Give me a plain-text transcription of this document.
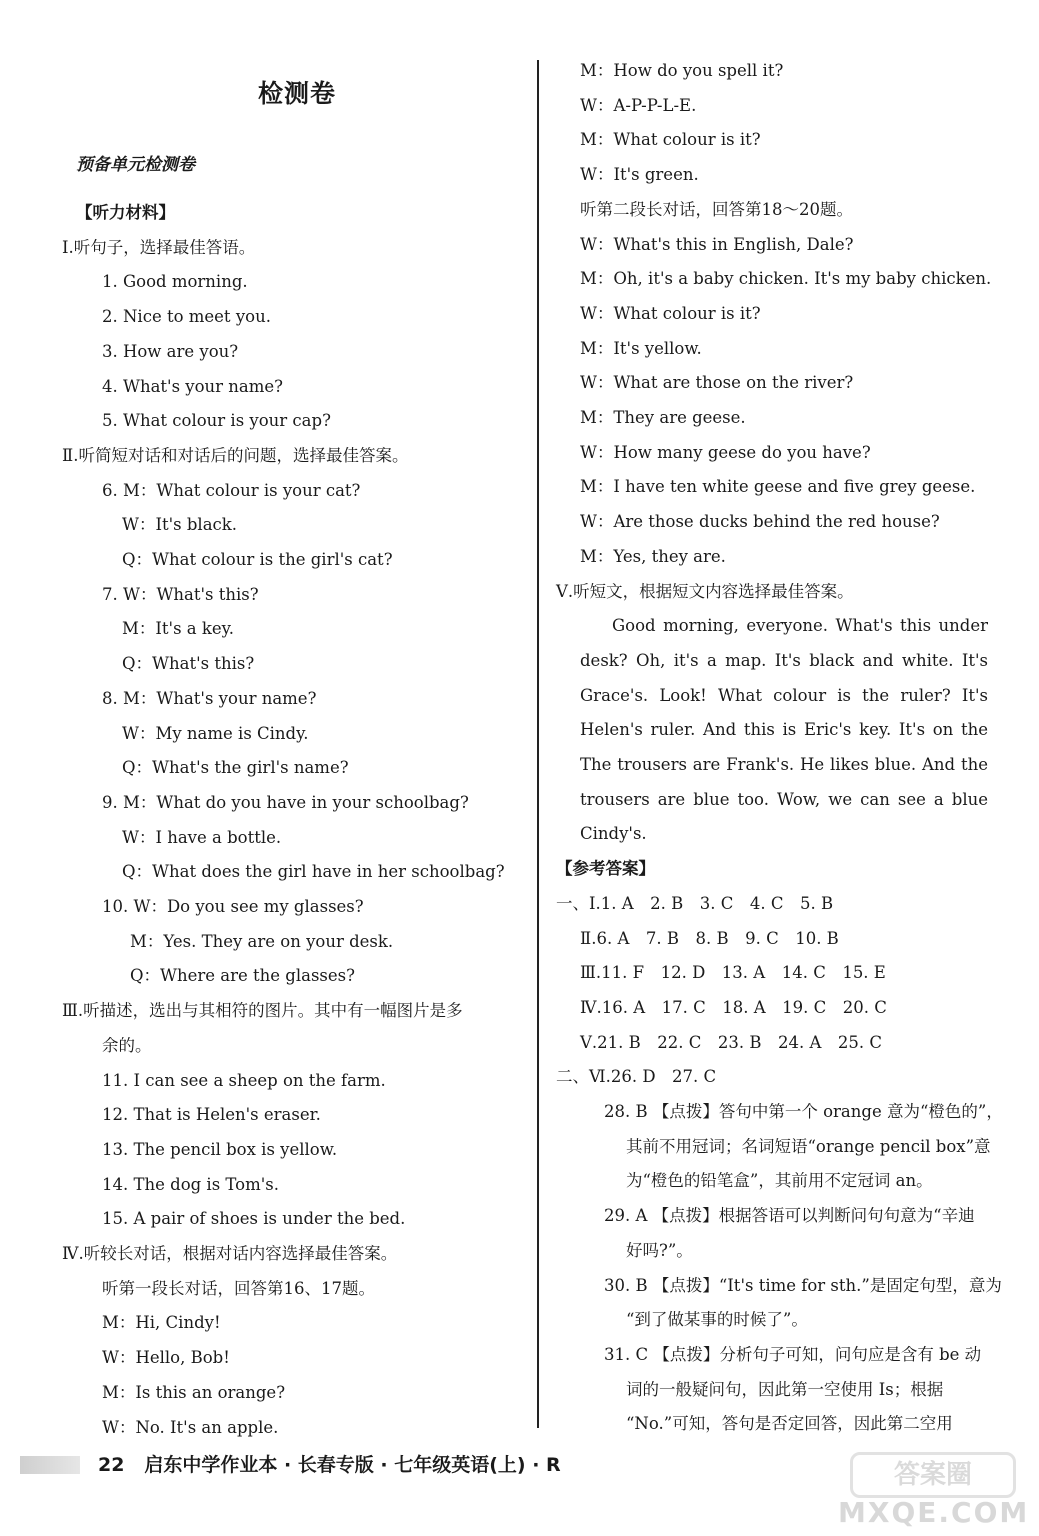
检测卷
预备单元检测卷
【听力材料】
Ⅰ.听句子，选择最佳答语。
1. Good morning.
2. Nice to meet you.
3. How are you?
4. What's your name?
5. What colour is your cap?
Ⅱ.听简短对话和对话后的问题，选择最佳答案。
6. M：What colour is your cat?
W：It's black.
Q：What colour is the girl's cat?
7. W：What's this?
M：It's a key.
Q：What's this?
8. M：What's your name?
W：My name is Cindy.
Q：What's the girl's name?
9. M：What do you have in your schoolbag?
W：I have a bottle.
Q：What does the girl have in her schoolbag?
10. W：Do you see my glasses?
M：Yes. They are on your desk.
Q：Where are the glasses?
Ⅲ.听描述，选出与其相符的图片。其中有一幅图片是多
余的。
11. I can see a sheep on the farm.
12. That is Helen's eraser.
13. The pencil box is yellow.
14. The dog is Tom's.
15. A pair of shoes is under the bed.
Ⅳ.听较长对话，根据对话内容选择最佳答案。
听第一段长对话，回答第16、17题。
M：Hi, Cindy!
W：Hello, Bob!
M：Is this an orange?
W：No. It's an apple.
M：How do you spell it?
W：A-P-P-L-E.
M：What colour is it?
W：It's green.
听第二段长对话，回答第18～20题。
W：What's this in English, Dale?
M：Oh, it's a baby chicken. It's my baby chicken.
W：What colour is it?
M：It's yellow.
W：What are those on the river?
M：They are geese.
W：How many geese do you have?
M：I have ten white geese and five grey geese.
W：Are those ducks behind the red house?
M：Yes, they are.
Ⅴ.听短文，根据短文内容选择最佳答案。
Good morning, everyone. What's this under
desk? Oh, it's a map. It's black and white. It's
Grace's. Look! What colour is the ruler? It's
Helen's ruler. And this is Eric's key. It's on the
The trousers are Frank's. He likes blue. And the
trousers are blue too. Wow, we can see a blue
Cindy's.
【参考答案】
一、Ⅰ.1. A　2. B　3. C　4. C　5. B
Ⅱ.6. A　7. B　8. B　9. C　10. B
Ⅲ.11. F　12. D　13. A　14. C　15. E
Ⅳ.16. A　17. C　18. A　19. C　20. C
Ⅴ.21. B　22. C　23. B　24. A　25. C
二、Ⅵ.26. D　27. C
28. B 【点拨】答句中第一个 orange 意为“橙色的”，
其前不用冠词；名词短语“orange pencil box”意
为“橙色的铅笔盒”，其前用不定冠词 an。
29. A 【点拨】根据答语可以判断问句句意为“辛迪
好吗?”。
30. B 【点拨】“It's time for sth.”是固定句型，意为
“到了做某事的时候了”。
31. C 【点拨】分析句子可知，问句应是含有 be 动
词的一般疑问句，因此第一空使用 Is；根据
“No.”可知，答句是否定回答，因此第二空用
22 启东中学作业本 · 长春专版 · 七年级英语(上) · R	答案圈
MXQE.COM
